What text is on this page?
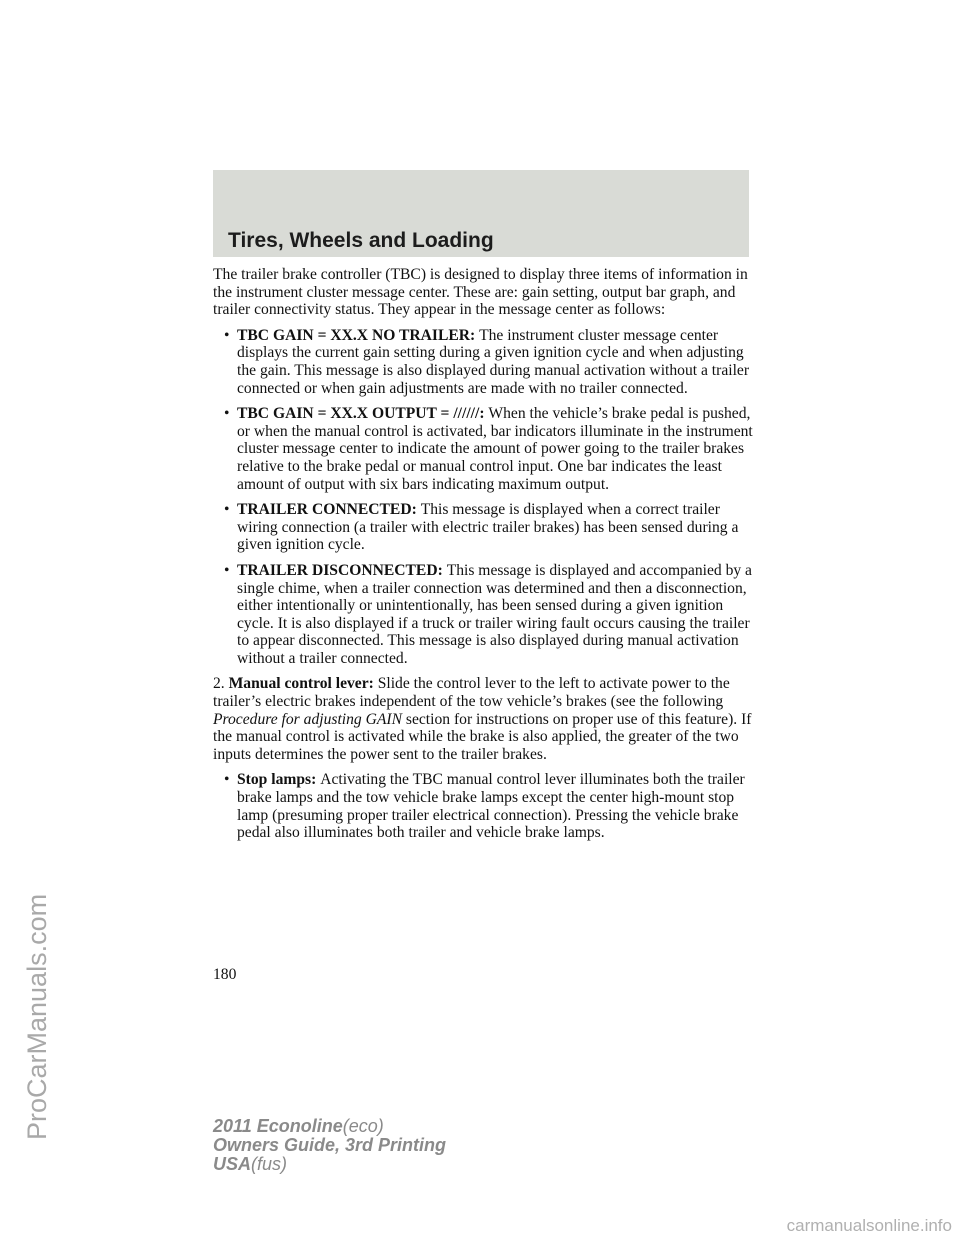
Tires, Wheels and Loading

The trailer brake controller (TBC) is designed to display three items of information in the instrument cluster message center. These are: gain setting, output bar graph, and trailer connectivity status. They appear in the message center as follows:

• TBC GAIN = XX.X NO TRAILER: The instrument cluster message center displays the current gain setting during a given ignition cycle and when adjusting the gain. This message is also displayed during manual activation without a trailer connected or when gain adjustments are made with no trailer connected.
• TBC GAIN = XX.X OUTPUT = //////: When the vehicle’s brake pedal is pushed, or when the manual control is activated, bar indicators illuminate in the instrument cluster message center to indicate the amount of power going to the trailer brakes relative to the brake pedal or manual control input. One bar indicates the least amount of output with six bars indicating maximum output.
• TRAILER CONNECTED: This message is displayed when a correct trailer wiring connection (a trailer with electric trailer brakes) has been sensed during a given ignition cycle.
• TRAILER DISCONNECTED: This message is displayed and accompanied by a single chime, when a trailer connection was determined and then a disconnection, either intentionally or unintentionally, has been sensed during a given ignition cycle. It is also displayed if a truck or trailer wiring fault occurs causing the trailer to appear disconnected. This message is also displayed during manual activation without a trailer connected.

2. Manual control lever: Slide the control lever to the left to activate power to the trailer’s electric brakes independent of the tow vehicle’s brakes (see the following Procedure for adjusting GAIN section for instructions on proper use of this feature). If the manual control is activated while the brake is also applied, the greater of the two inputs determines the power sent to the trailer brakes.

• Stop lamps: Activating the TBC manual control lever illuminates both the trailer brake lamps and the tow vehicle brake lamps except the center high-mount stop lamp (presuming proper trailer electrical connection). Pressing the vehicle brake pedal also illuminates both trailer and vehicle brake lamps.
180
ProCarManuals.com	2011 Econoline(eco)
Owners Guide, 3rd Printing
USA(fus)
carmanualsonline.info
